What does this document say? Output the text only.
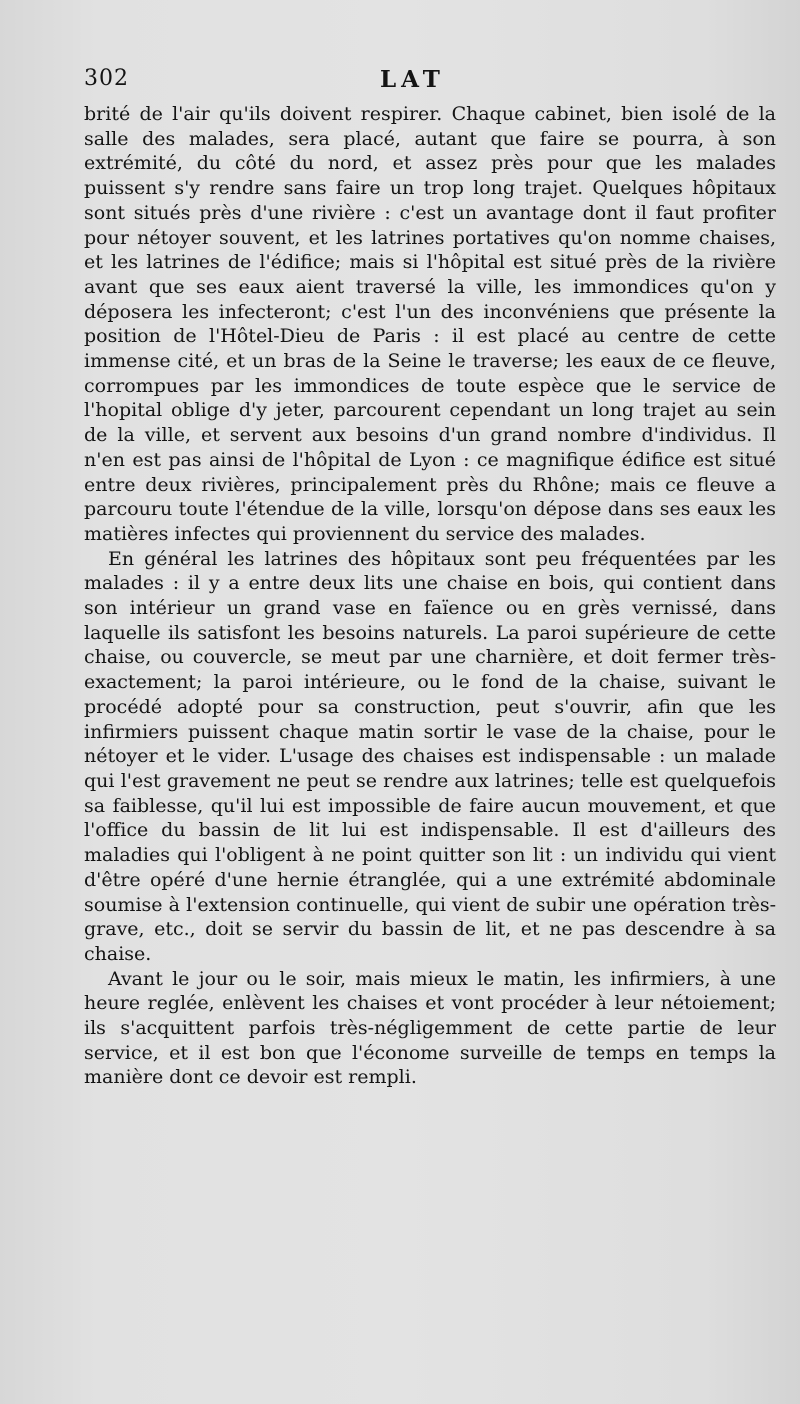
302	LAT

brité de l'air qu'ils doivent respirer. Chaque cabinet, bien isolé de la salle des malades, sera placé, autant que faire se pourra, à son extrémité, du côté du nord, et assez près pour que les malades puissent s'y rendre sans faire un trop long trajet. Quelques hôpitaux sont situés près d'une rivière : c'est un avantage dont il faut profiter pour nétoyer souvent, et les latrines portatives qu'on nomme chaises, et les latrines de l'édifice; mais si l'hôpital est situé près de la rivière avant que ses eaux aient traversé la ville, les immondices qu'on y déposera les infecteront; c'est l'un des inconvéniens que présente la position de l'Hôtel-Dieu de Paris : il est placé au centre de cette immense cité, et un bras de la Seine le traverse; les eaux de ce fleuve, corrompues par les immondices de toute espèce que le service de l'hopital oblige d'y jeter, parcourent cependant un long trajet au sein de la ville, et servent aux besoins d'un grand nombre d'individus. Il n'en est pas ainsi de l'hôpital de Lyon : ce magnifique édifice est situé entre deux rivières, principalement près du Rhône; mais ce fleuve a parcouru toute l'étendue de la ville, lorsqu'on dépose dans ses eaux les matières infectes qui proviennent du service des malades.

En général les latrines des hôpitaux sont peu fréquentées par les malades : il y a entre deux lits une chaise en bois, qui contient dans son intérieur un grand vase en faïence ou en grès vernissé, dans laquelle ils satisfont les besoins naturels. La paroi supérieure de cette chaise, ou couvercle, se meut par une charnière, et doit fermer très-exactement; la paroi intérieure, ou le fond de la chaise, suivant le procédé adopté pour sa construction, peut s'ouvrir, afin que les infirmiers puissent chaque matin sortir le vase de la chaise, pour le nétoyer et le vider. L'usage des chaises est indispensable : un malade qui l'est gravement ne peut se rendre aux latrines; telle est quelquefois sa faiblesse, qu'il lui est impossible de faire aucun mouvement, et que l'office du bassin de lit lui est indispensable. Il est d'ailleurs des maladies qui l'obligent à ne point quitter son lit : un individu qui vient d'être opéré d'une hernie étranglée, qui a une extrémité abdominale soumise à l'extension continuelle, qui vient de subir une opération très-grave, etc., doit se servir du bassin de lit, et ne pas descendre à sa chaise.

Avant le jour ou le soir, mais mieux le matin, les infirmiers, à une heure reglée, enlèvent les chaises et vont procéder à leur nétoiement; ils s'acquittent parfois très-négligemment de cette partie de leur service, et il est bon que l'économe surveille de temps en temps la manière dont ce devoir est rempli.
